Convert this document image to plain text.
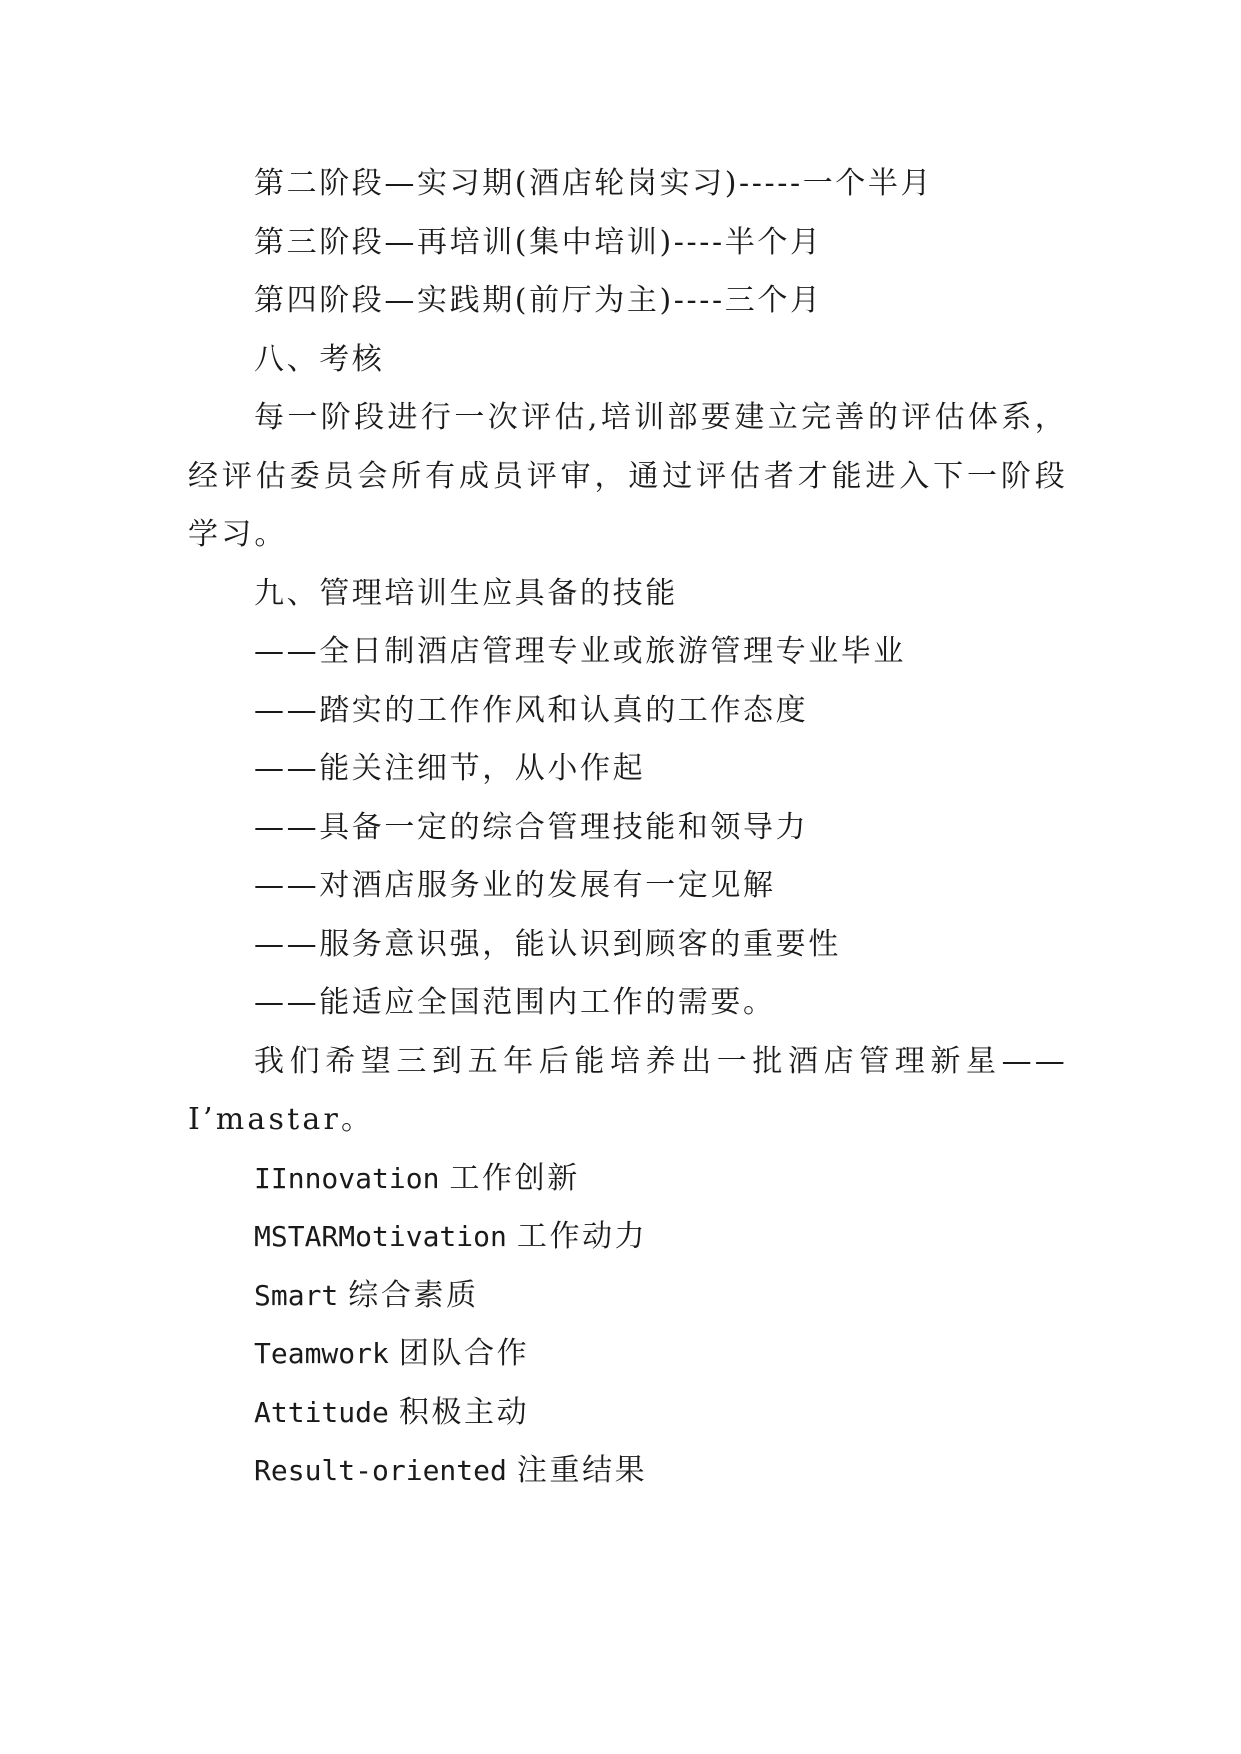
第二阶段—实习期(酒店轮岗实习)-----一个半月
第三阶段—再培训(集中培训)----半个月
第四阶段—实践期(前厅为主)----三个月
八、考核

每一阶段进行一次评估,培训部要建立完善的评估体系，经评估委员会所有成员评审，通过评估者才能进入下一阶段学习。

九、管理培训生应具备的技能
——全日制酒店管理专业或旅游管理专业毕业
——踏实的工作作风和认真的工作态度
——能关注细节，从小作起
——具备一定的综合管理技能和领导力
——对酒店服务业的发展有一定见解
——服务意识强，能认识到顾客的重要性
——能适应全国范围内工作的需要。

我们希望三到五年后能培养出一批酒店管理新星——I’mastar。

IInnovation 工作创新
MSTARMotivation 工作动力
Smart 综合素质
Teamwork 团队合作
Attitude 积极主动
Result-oriented 注重结果
